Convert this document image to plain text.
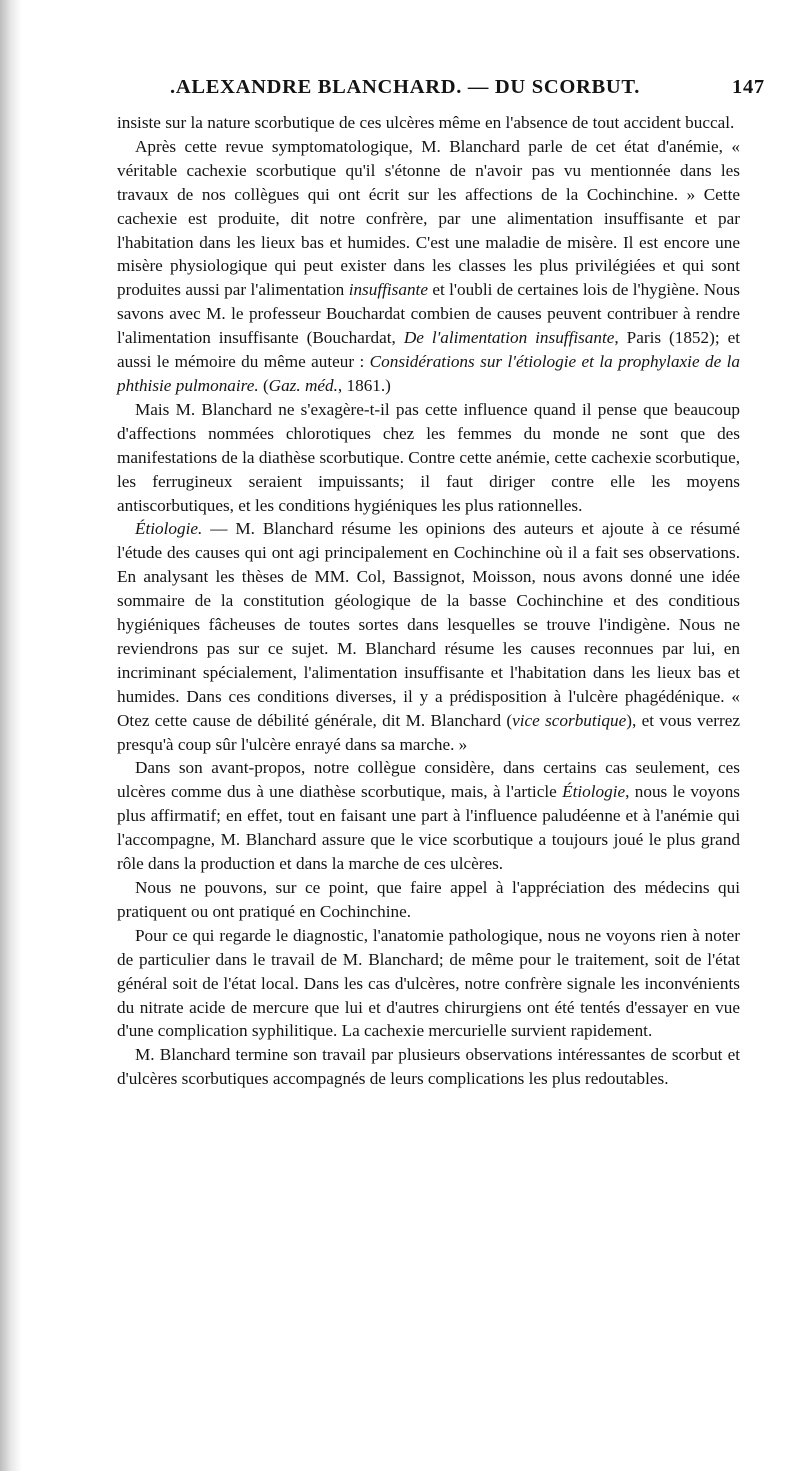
.ALEXANDRE BLANCHARD. — DU SCORBUT.	147

insiste sur la nature scorbutique de ces ulcères même en l'absence de tout accident buccal.

Après cette revue symptomatologique, M. Blanchard parle de cet état d'anémie, « véritable cachexie scorbutique qu'il s'étonne de n'avoir pas vu mentionnée dans les travaux de nos collègues qui ont écrit sur les affections de la Cochinchine. » Cette cachexie est produite, dit notre confrère, par une alimentation insuffisante et par l'habitation dans les lieux bas et humides. C'est une maladie de misère. Il est encore une misère physiologique qui peut exister dans les classes les plus privilégiées et qui sont produites aussi par l'alimentation insuffisante et l'oubli de certaines lois de l'hygiène. Nous savons avec M. le professeur Bouchardat combien de causes peuvent contribuer à rendre l'alimentation insuffisante (Bouchardat, De l'alimentation insuffisante, Paris (1852); et aussi le mémoire du même auteur : Considérations sur l'étiologie et la prophylaxie de la phthisie pulmonaire. (Gaz. méd., 1861.)

Mais M. Blanchard ne s'exagère-t-il pas cette influence quand il pense que beaucoup d'affections nommées chlorotiques chez les femmes du monde ne sont que des manifestations de la diathèse scorbutique. Contre cette anémie, cette cachexie scorbutique, les ferrugineux seraient impuissants; il faut diriger contre elle les moyens antiscorbutiques, et les conditions hygiéniques les plus rationnelles.

Étiologie. — M. Blanchard résume les opinions des auteurs et ajoute à ce résumé l'étude des causes qui ont agi principalement en Cochinchine où il a fait ses observations. En analysant les thèses de MM. Col, Bassignot, Moisson, nous avons donné une idée sommaire de la constitution géologique de la basse Cochinchine et des conditious hygiéniques fâcheuses de toutes sortes dans lesquelles se trouve l'indigène. Nous ne reviendrons pas sur ce sujet. M. Blanchard résume les causes reconnues par lui, en incriminant spécialement, l'alimentation insuffisante et l'habitation dans les lieux bas et humides. Dans ces conditions diverses, il y a prédisposition à l'ulcère phagédénique. « Otez cette cause de débilité générale, dit M. Blanchard (vice scorbutique), et vous verrez presqu'à coup sûr l'ulcère enrayé dans sa marche. »

Dans son avant-propos, notre collègue considère, dans certains cas seulement, ces ulcères comme dus à une diathèse scorbutique, mais, à l'article Étiologie, nous le voyons plus affirmatif; en effet, tout en faisant une part à l'influence paludéenne et à l'anémie qui l'accompagne, M. Blanchard assure que le vice scorbutique a toujours joué le plus grand rôle dans la production et dans la marche de ces ulcères.

Nous ne pouvons, sur ce point, que faire appel à l'appréciation des médecins qui pratiquent ou ont pratiqué en Cochinchine.

Pour ce qui regarde le diagnostic, l'anatomie pathologique, nous ne voyons rien à noter de particulier dans le travail de M. Blanchard; de même pour le traitement, soit de l'état général soit de l'état local. Dans les cas d'ulcères, notre confrère signale les inconvénients du nitrate acide de mercure que lui et d'autres chirurgiens ont été tentés d'essayer en vue d'une complication syphilitique. La cachexie mercurielle survient rapidement.

M. Blanchard termine son travail par plusieurs observations intéressantes de scorbut et d'ulcères scorbutiques accompagnés de leurs complications les plus redoutables.
